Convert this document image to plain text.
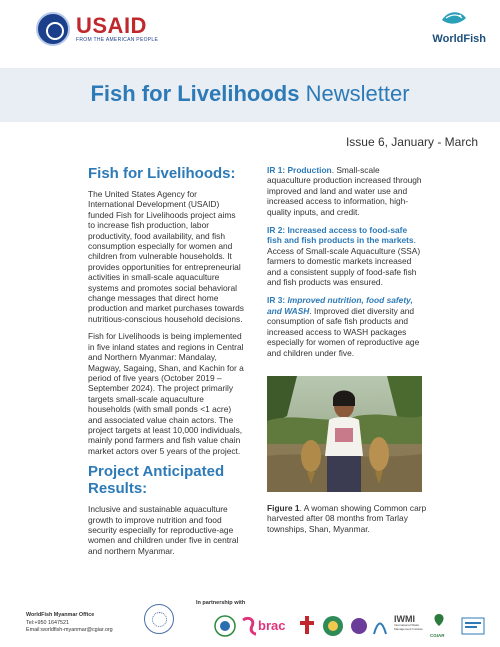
USAID
FROM THE AMERICAN PEOPLE	WorldFish
Fish for Livelihoods Newsletter
Issue 6, January - March
Fish for Livelihoods:
The United States Agency for International Development (USAID) funded Fish for Livelihoods project aims to increase fish production, labor productivity, food availability, and fish consumption especially for women and children from vulnerable households. It provides opportunities for entrepreneurial activities in small-scale aquaculture systems and promotes social behavioral change messages that direct home production and market purchases towards nutritious-conscious household decisions.
Fish for Livelihoods is being implemented in five inland states and regions in Central and Northern Myanmar: Mandalay, Magway, Sagaing, Shan, and Kachin for a period of five years (October 2019 – September 2024). The project primarily targets small-scale aquaculture households (with small ponds <1 acre) and associated value chain actors. The project targets at least 10,000 individuals, mainly pond farmers and fish value chain market actors over 5 years of the project.
Project Anticipated Results:
Inclusive and sustainable aquaculture growth to improve nutrition and food security especially for reproductive-age women and children under five in central and northern Myanmar.
IR 1: Production. Small-scale aquaculture production increased through improved and land and water use and increased access to information, high-quality inputs, and credit.
IR 2: Increased access to food-safe fish and fish products in the markets. Access of Small-scale Aquaculture (SSA) farmers to domestic markets increased and a consistent supply of food-safe fish and fish products was ensured.
IR 3: Improved nutrition, food safety, and WASH. Improved diet diversity and consumption of safe fish products and increased access to WASH packages especially for women of reproductive age and children under five.
Figure 1. A woman showing Common carp harvested after 08 months from Tarlay townships, Shan, Myanmar.
WorldFish Myanmar Office
Tel:+950 1647521
Email:worldfish-myanmar@cgiar.org
In partnership with
brac	IWMI
International Water Management Institute
CGIAR
